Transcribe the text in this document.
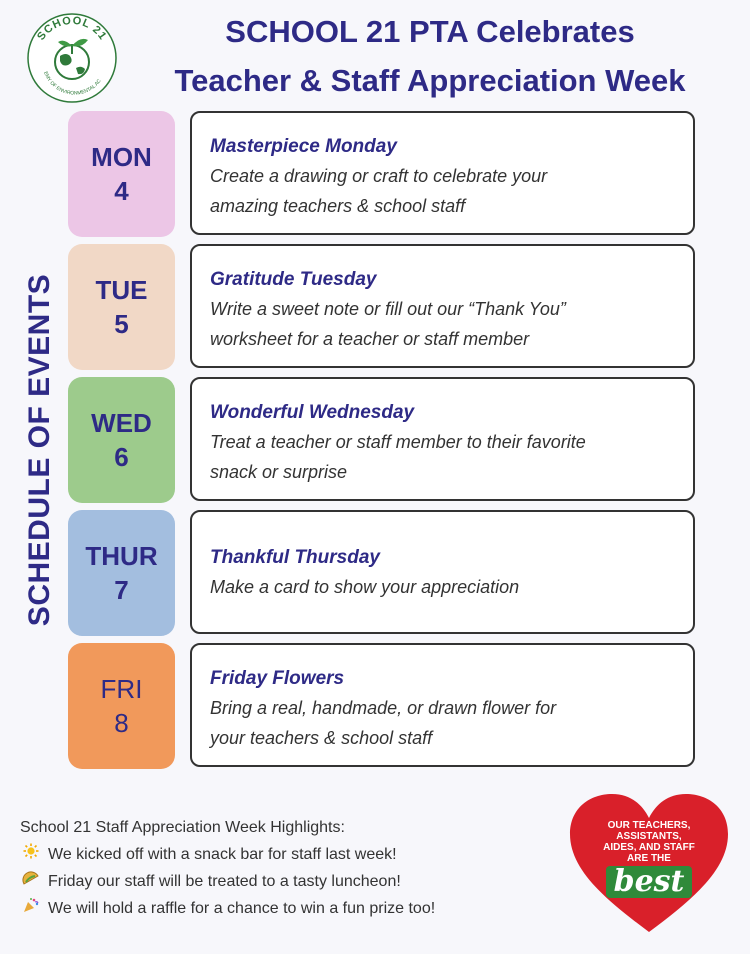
SCHOOL 21
EMY OF ENVIRONMENTAL AC
SCHOOL 21 PTA Celebrates
Teacher & Staff Appreciation Week
SCHEDULE OF EVENTS
MON
4
Masterpiece Monday
Create a drawing or craft to celebrate your
amazing teachers & school staff
TUE
5
Gratitude Tuesday
Write a sweet note or fill out our “Thank You”
worksheet for a teacher or staff member
WED
6
Wonderful Wednesday
Treat a teacher or staff member to their favorite
snack or surprise
THUR
7
Thankful Thursday
Make a card to show your appreciation
FRI
8
Friday Flowers
Bring a real, handmade, or drawn flower for
your teachers & school staff
School 21 Staff Appreciation Week Highlights:
We kicked off with a snack bar for staff last week!
Friday our staff will be treated to a tasty luncheon!
We will hold a raffle for a chance to win a fun prize too!
OUR TEACHERS,
ASSISTANTS,
AIDES, AND STAFF
ARE THE
best
